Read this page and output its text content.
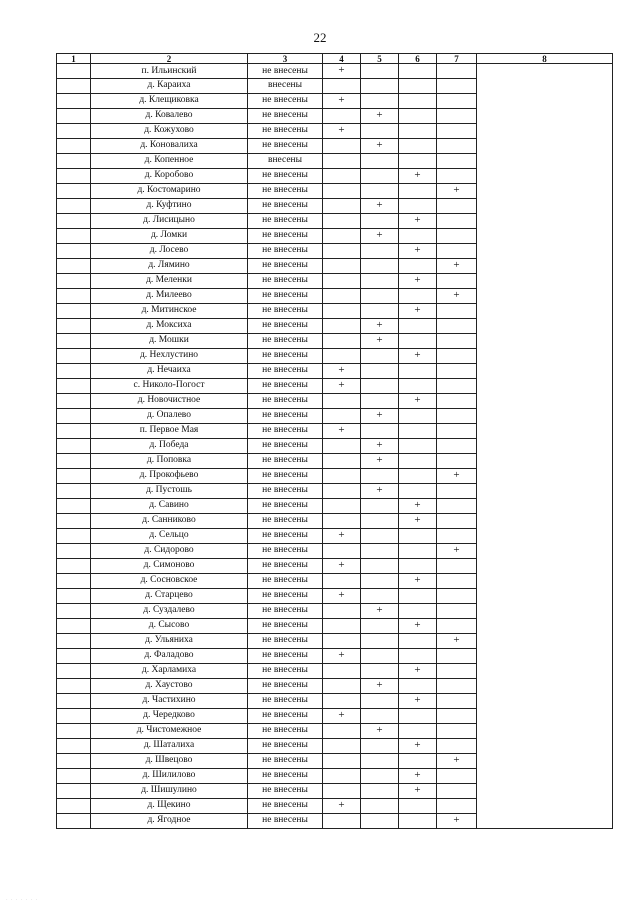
22
1	2	3	4	5	6	7	8
	п. Ильинский	не внесены	+				
	д. Караиха	внесены					
	д. Клещиковка	не внесены	+				
	д. Ковалево	не внесены		+			
	д. Кожухово	не внесены	+				
	д. Коновалиха	не внесены		+			
	д. Копенное	внесены					
	д. Коробово	не внесены			+		
	д. Костомарино	не внесены				+	
	д. Куфтино	не внесены		+			
	д. Лисицыно	не внесены			+		
	д. Ломки	не внесены		+			
	д. Лосево	не внесены			+		
	д. Лямино	не внесены				+	
	д. Меленки	не внесены			+		
	д. Милеево	не внесены				+	
	д. Митинское	не внесены			+		
	д. Моксиха	не внесены		+			
	д. Мошки	не внесены		+			
	д. Нехлустино	не внесены			+		
	д. Нечаиха	не внесены	+				
	с. Николо-Погост	не внесены	+				
	д. Новочистное	не внесены			+		
	д. Опалево	не внесены		+			
	п. Первое Мая	не внесены	+				
	д. Победа	не внесены		+			
	д. Поповка	не внесены		+			
	д. Прокофьево	не внесены				+	
	д. Пустошь	не внесены		+			
	д. Савино	не внесены			+		
	д. Санниково	не внесены			+		
	д. Сельцо	не внесены	+				
	д. Сидорово	не внесены				+	
	д. Симоново	не внесены	+				
	д. Сосновское	не внесены			+		
	д. Старцево	не внесены	+				
	д. Суздалево	не внесены		+			
	д. Сысово	не внесены			+		
	д. Ульяниха	не внесены				+	
	д. Фаладово	не внесены	+				
	д. Харламиха	не внесены			+		
	д. Хаустово	не внесены		+			
	д. Частихино	не внесены			+		
	д. Чередково	не внесены	+				
	д. Чистомежное	не внесены		+			
	д. Шаталиха	не внесены			+		
	д. Швецово	не внесены				+	
	д. Шилилово	не внесены			+		
	д. Шишулино	не внесены			+		
	д. Щекино	не внесены	+				
	д. Ягодное	не внесены				+	
· · · · · · ·
